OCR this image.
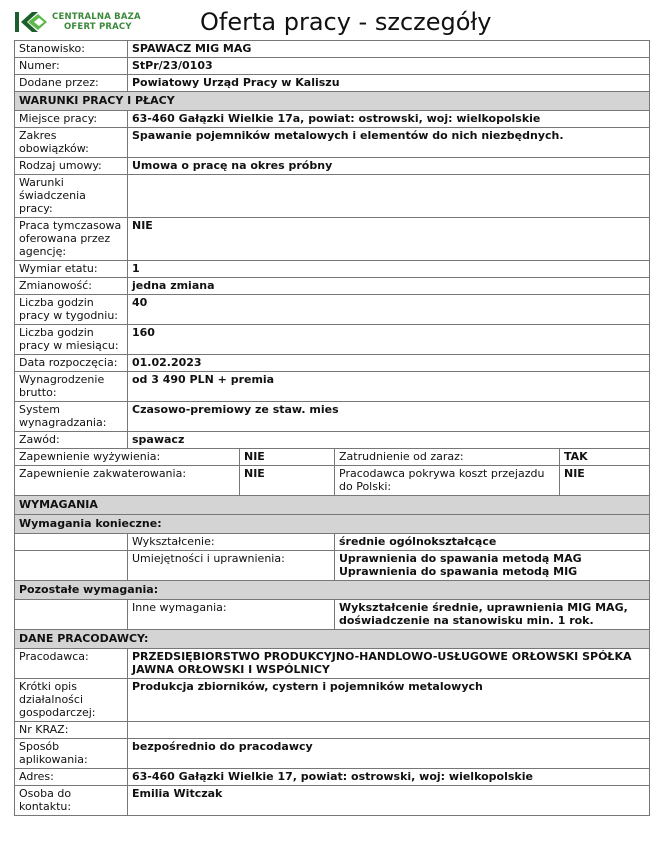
CENTRALNA BAZA
OFERT PRACY	Oferta pracy - szczegóły
Stanowisko:	SPAWACZ MIG MAG			
Numer:	StPr/23/0103			
Dodane przez:	Powiatowy Urząd Pracy w Kaliszu			
WARUNKI PRACY I PŁACY				
Miejsce pracy:	63-460 Gałązki Wielkie 17a, powiat: ostrowski, woj: wielkopolskie			
Zakres obowiązków:	Spawanie pojemników metalowych i elementów do nich niezbędnych.			
Rodzaj umowy:	Umowa o pracę na okres próbny			
Warunki świadczenia pracy:				
Praca tymczasowa oferowana przez agencję:	NIE			
Wymiar etatu:	1			
Zmianowość:	jedna zmiana			
Liczba godzin pracy w tygodniu:	40			
Liczba godzin pracy w miesiącu:	160			
Data rozpoczęcia:	01.02.2023			
Wynagrodzenie brutto:	od 3 490 PLN + premia			
System wynagradzania:	Czasowo-premiowy ze staw. mies			
Zawód:	spawacz			
Zapewnienie wyżywienia:		NIE	Zatrudnienie od zaraz:	TAK
Zapewnienie zakwaterowania:		NIE	Pracodawca pokrywa koszt przejazdu do Polski:	NIE
WYMAGANIA				
Wymagania konieczne:				
	Wykształcenie:		średnie ogólnokształcące	
	Umiejętności i uprawnienia:		Uprawnienia do spawania metodą MAG
Uprawnienia do spawania metodą MIG	

Pozostałe wymagania:				
	Inne wymagania:		Wykształcenie średnie, uprawnienia MIG MAG, doświadczenie na stanowisku min. 1 rok.	
DANE PRACODAWCY:				
Pracodawca:	PRZEDSIĘBIORSTWO PRODUKCYJNO-HANDLOWO-USŁUGOWE ORŁOWSKI SPÓŁKA JAWNA ORŁOWSKI I WSPÓLNICY			
Krótki opis działalności gospodarczej:	Produkcja zbiorników, cystern i pojemników metalowych			
Nr KRAZ:				
Sposób aplikowania:	bezpośrednio do pracodawcy			
Adres:	63-460 Gałązki Wielkie 17, powiat: ostrowski, woj: wielkopolskie			
Osoba do kontaktu:	Emilia Witczak			
